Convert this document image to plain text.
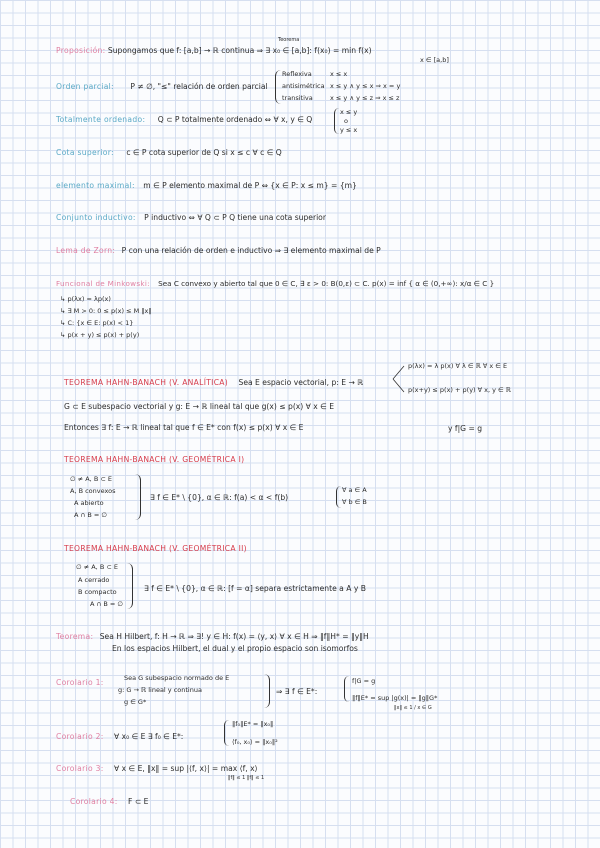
Teorema
Proposición: Supongamos que f: [a,b] → ℝ continua ⇒ ∃ x₀ ∈ [a,b]: f(x₀) = min f(x)
x ∈ [a,b]
Orden parcial: P ≠ ∅, "≤" relación de orden parcial
Reflexiva	x ≤ x
antisimétrica x ≤ y ∧ y ≤ x ⇒ x = y
transitiva	x ≤ y ∧ y ≤ z ⇒ x ≤ z
Totalmente ordenado: Q ⊂ P totalmente ordenado ⇔ ∀ x, y ∈ Q
x ≤ y
o
y ≤ x
Cota superior: c ∈ P cota superior de Q si x ≤ c ∀ c ∈ Q
elemento maximal: m ∈ P elemento maximal de P ⇔ {x ∈ P: x ≤ m} = {m}
Conjunto inductivo: P inductivo ⇔ ∀ Q ⊂ P Q tiene una cota superior
Lema de Zorn: P con una relación de orden e inductivo ⇒ ∃ elemento maximal de P
Funcional de Minkowski: Sea C convexo y abierto tal que 0 ∈ C, ∃ ε > 0: B(0,ε) ⊂ C. p(x) = inf { α ∈ (0,+∞): x/α ∈ C }
↳ p(λx) = λp(x)
↳ ∃ M > 0: 0 ≤ p(x) ≤ M ‖x‖
↳ C: {x ∈ E: p(x) < 1}
↳ p(x + y) ≤ p(x) + p(y)
TEOREMA HAHN-BANACH (V. ANALÍTICA) Sea E espacio vectorial, p: E → ℝ
p(λx) = λ p(x) ∀ λ ∈ ℝ ∀ x ∈ E
p(x+y) ≤ p(x) + p(y) ∀ x, y ∈ ℝ
G ⊂ E subespacio vectorial y g: E → ℝ lineal tal que g(x) ≤ p(x) ∀ x ∈ E
Entonces ∃ f: E → ℝ lineal tal que f ∈ E* con f(x) ≤ p(x) ∀ x ∈ E	y f|G = g
TEOREMA HAHN-BANACH (V. GEOMÉTRICA I)
∅ ≠ A, B ⊂ E
A, B convexos
A abierto
A ∩ B = ∅
∃ f ∈ E* \ {0}, α ∈ ℝ: f(a) < α < f(b)
∀ a ∈ A
∀ b ∈ B
TEOREMA HAHN-BANACH (V. GEOMÉTRICA II)
∅ ≠ A, B ⊂ E
A cerrado
B compacto
A ∩ B = ∅
∃ f ∈ E* \ {0}, α ∈ ℝ: [f = α] separa estrictamente a A y B
Teorema: Sea H Hilbert, f: H → ℝ ⇒ ∃! y ∈ H: f(x) = ⟨y, x⟩ ∀ x ∈ H ⇒ ‖f‖H* = ‖y‖H
En los espacios Hilbert, el dual y el propio espacio son isomorfos
Corolario 1:	Sea G subespacio normado de E
g: G → ℝ lineal y continua
g ∈ G*
⇒ ∃ f ∈ E*:
f|G = g
‖f‖E* = sup |g(x)| = ‖g‖G*
‖x‖ ≤ 1 / x ∈ G
Corolario 2: ∀ x₀ ∈ E ∃ f₀ ∈ E*:
‖f₀‖E* = ‖x₀‖
⟨f₀, x₀⟩ = ‖x₀‖²
Corolario 3: ∀ x ∈ E, ‖x‖ = sup |⟨f, x⟩| = max ⟨f, x⟩
‖f‖ ≤ 1 ‖f‖ ≤ 1
Corolario 4: F ⊂ E
